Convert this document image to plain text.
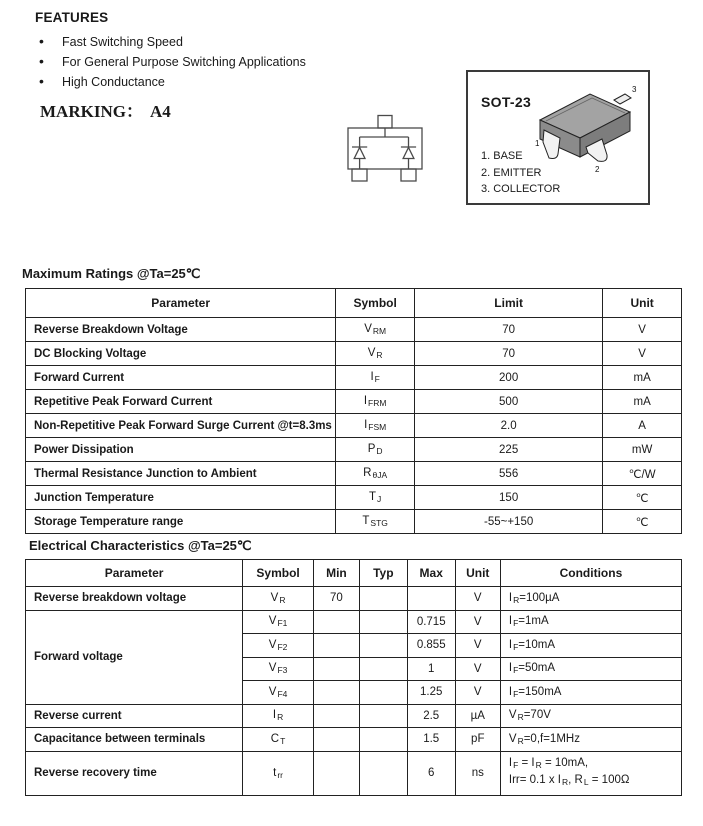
FEATURES
• Fast Switching Speed
• For General Purpose Switching Applications
• High Conductance
MARKING： A4	SOT-23
1
2
3
1. BASE
2. EMITTER
3. COLLECTOR
Maximum Ratings @Ta=25℃
Parameter	Symbol	Limit	Unit
Reverse Breakdown Voltage	$V_{RM}$	70	V
DC Blocking Voltage	$V_R$	70	V
Forward Current	$I_F$	200	mA
Repetitive Peak Forward Current	$I_{FRM}$	500	mA
Non-Repetitive Peak Forward Surge Current @t=8.3ms	$I_{FSM}$	2.0	A
Power Dissipation	$P_D$	225	mW
Thermal Resistance Junction to Ambient	$R_{\theta JA}$	556	℃/W
Junction Temperature	$T_J$	150	℃
Storage Temperature range	$T_{STG}$	-55~+150	℃
Electrical Characteristics @Ta=25℃
Parameter	Symbol	Min	Typ	Max	Unit	Conditions
Reverse breakdown voltage	$V_R$	70			V	$I_R=100\mu A$
Forward voltage	$V_{F1}$			0.715	V	$I_F=1mA$
	$V_{F2}$			0.855	V	$I_F=10mA$
	$V_{F3}$			1	V	$I_F=50mA$
	$V_{F4}$			1.25	V	$I_F=150mA$
Reverse current	$I_R$			2.5	µA	$V_R=70V$
Capacitance between terminals	$C_T$			1.5	pF	$V_R=0,f=1MHz$
Reverse recovery time	$t_{rr}$			6	ns	$I_F = I_R = 10mA$,
Irr= 0.1 x $I_R$, $R_L = 100\Omega$
